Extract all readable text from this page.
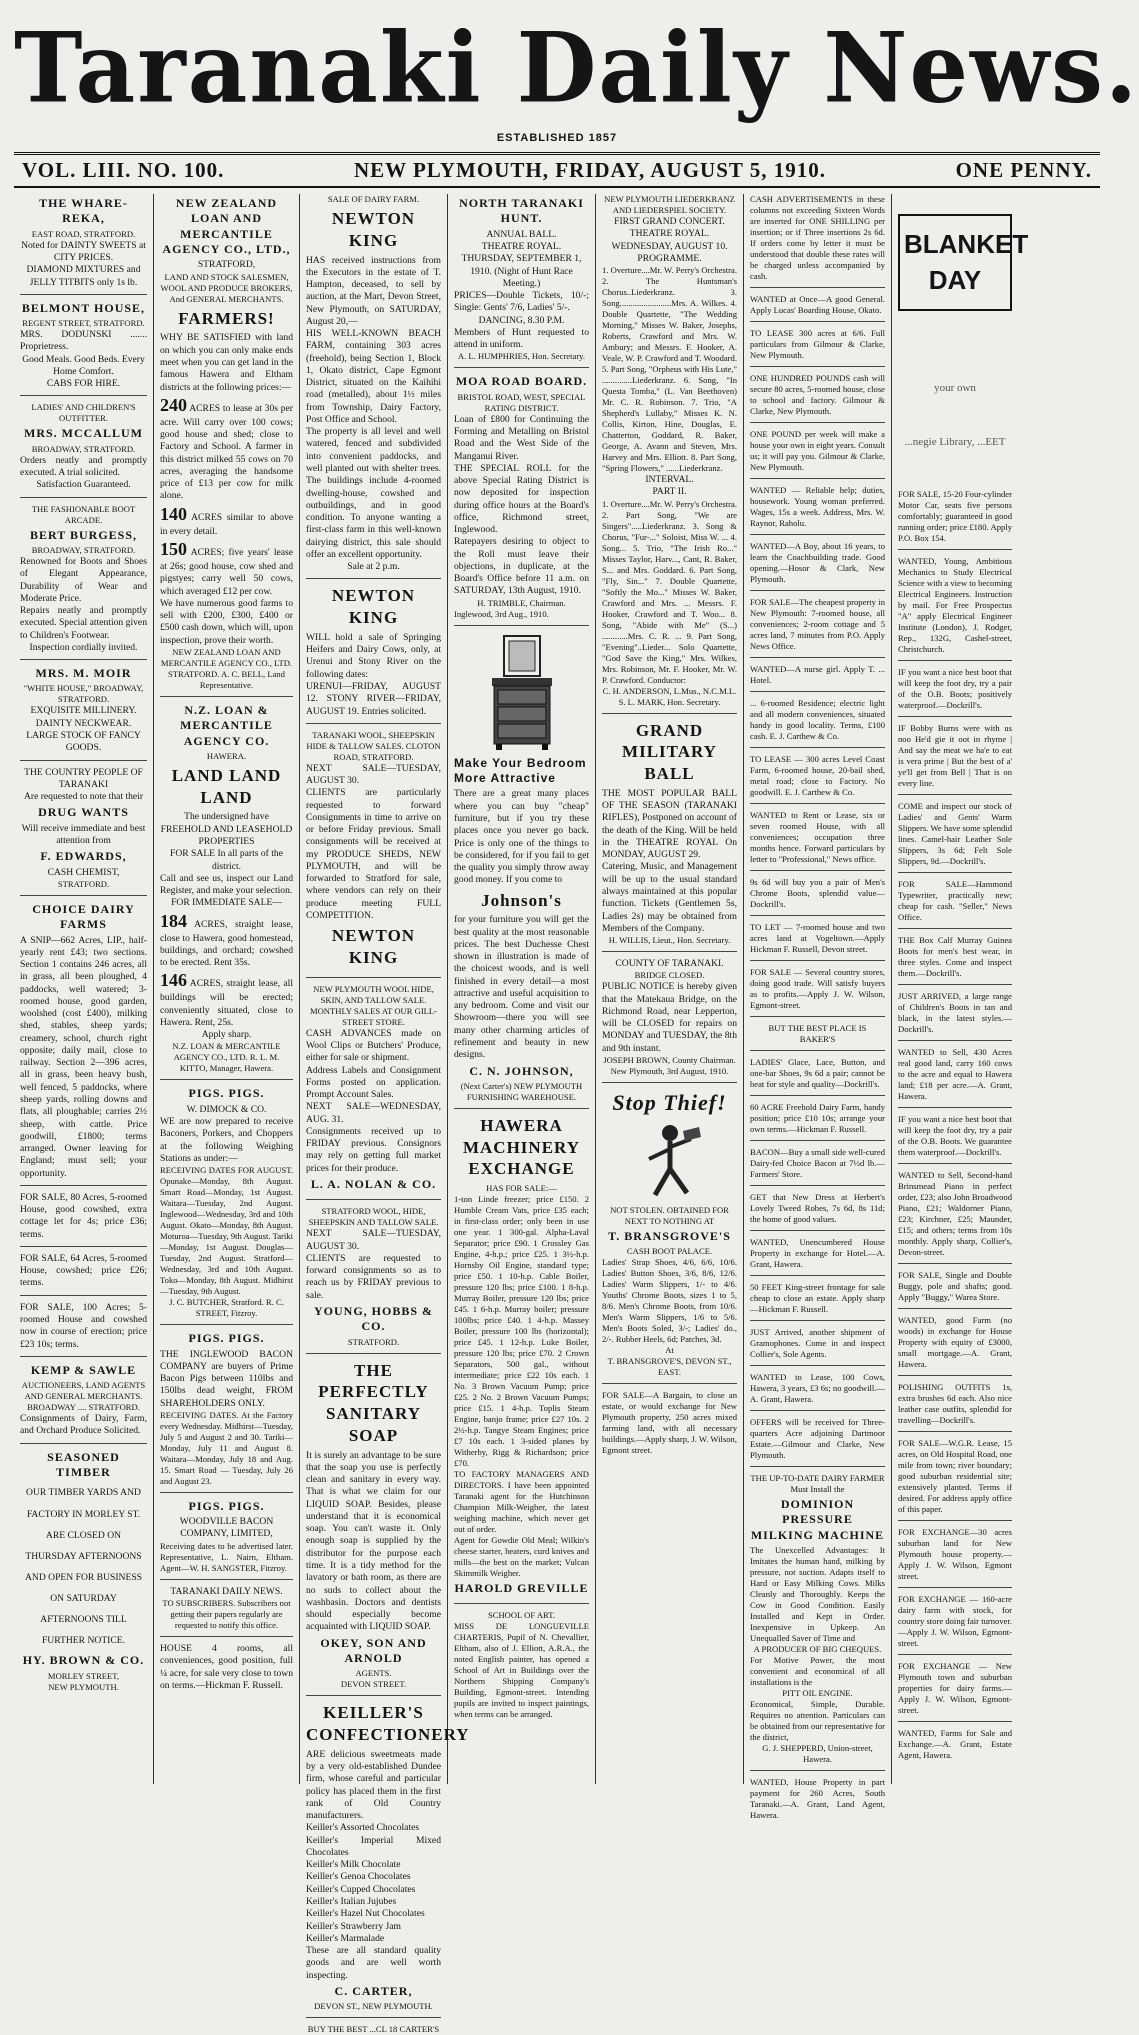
Taranaki Daily News.
ESTABLISHED 1857
VOL. LIII. NO. 100.	NEW PLYMOUTH, FRIDAY, AUGUST 5, 1910.	ONE PENNY.
THE WHARE-REKA,
EAST ROAD, STRATFORD.
Noted for DAINTY SWEETS at CITY PRICES.
DIAMOND MIXTURES and JELLY TITBITS only 1s lb.
BELMONT HOUSE,
REGENT STREET, STRATFORD.
MRS. DODUNSKI ....... Proprietress.
Good Meals. Good Beds. Every Home Comfort.
CABS FOR HIRE.
LADIES' AND CHILDREN'S OUTFITTER.
MRS. MCCALLUM
BROADWAY, STRATFORD.
Orders neatly and promptly executed. A trial solicited.
Satisfaction Guaranteed.
THE FASHIONABLE BOOT ARCADE.
BERT BURGESS,
BROADWAY, STRATFORD.
Renowned for Boots and Shoes of Elegant Appearance, Durability of Wear and Moderate Price.
Repairs neatly and promptly executed. Special attention given to Children's Footwear.
Inspection cordially invited.
MRS. M. MOIR
"WHITE HOUSE," BROADWAY, STRATFORD.
EXQUISITE MILLINERY. DAINTY NECKWEAR.
LARGE STOCK OF FANCY GOODS.
THE COUNTRY PEOPLE OF TARANAKI
Are requested to note that their
DRUG WANTS
Will receive immediate and best attention from
F. EDWARDS,
CASH CHEMIST,
STRATFORD.
CHOICE DAIRY FARMS
A SNIP—662 Acres, LIP., half-yearly rent £43; two sections. Section 1 contains 246 acres, all in grass, all been ploughed, 4 paddocks, well watered; 3-roomed house, good garden, woolshed (cost £400), milking shed, stables, sheep yards; creamery, school, church right opposite; daily mail, close to railway. Section 2—396 acres, all in grass, been heavy bush, well fenced, 5 paddocks, where sheep yards, rolling downs and flats, all ploughable; carries 2½ sheep, with cattle. Price goodwill, £1800; terms arranged. Owner leaving for England; must sell; your opportunity.
FOR SALE, 80 Acres, 5-roomed House, good cowshed, extra cottage let for 4s; price £36; terms.
FOR SALE, 64 Acres, 5-roomed House, cowshed; price £26; terms.
FOR SALE, 100 Acres; 5-roomed House and cowshed now in course of erection; price £23 10s; terms.
KEMP & SAWLE
AUCTIONEERS, LAND AGENTS AND GENERAL MERCHANTS.
BROADWAY .... STRATFORD.
Consignments of Dairy, Farm, and Orchard Produce Solicited.
SEASONED TIMBER
OUR TIMBER YARDS AND FACTORY IN MORLEY ST. ARE CLOSED ON THURSDAY AFTERNOONS AND OPEN FOR BUSINESS ON SATURDAY AFTERNOONS TILL FURTHER NOTICE.
HY. BROWN & CO.
MORLEY STREET,
NEW PLYMOUTH.
NEW ZEALAND LOAN AND MERCANTILE AGENCY CO., LTD.,
STRATFORD,
LAND AND STOCK SALESMEN, WOOL AND PRODUCE BROKERS, And GENERAL MERCHANTS.
FARMERS!
WHY BE SATISFIED with land on which you can only make ends meet when you can get land in the famous Hawera and Eltham districts at the following prices:—
240 ACRES to lease at 30s per acre. Will carry over 100 cows; good house and shed; close to Factory and School. A farmer in this district milked 55 cows on 70 acres, averaging the handsome price of £13 per cow for milk alone.
140 ACRES similar to above in every detail.
150 ACRES; five years' lease at 26s; good house, cow shed and pigstyes; carry well 50 cows, which averaged £12 per cow.
We have numerous good farms to sell with £200, £300, £400 or £500 cash down, which will, upon inspection, prove their worth.
NEW ZEALAND LOAN AND MERCANTILE AGENCY CO., LTD. STRATFORD. A. C. BELL, Land Representative.
N.Z. LOAN & MERCANTILE AGENCY CO.
HAWERA.
LAND LAND LAND
The undersigned have FREEHOLD AND LEASEHOLD PROPERTIES
FOR SALE In all parts of the district.
Call and see us, inspect our Land Register, and make your selection.
FOR IMMEDIATE SALE—
184 ACRES, straight lease, close to Hawera, good homestead, buildings, and orchard; cowshed to be erected. Rent 35s.
146 ACRES, straight lease, all buildings will be erected; conveniently situated, close to Hawera. Rent, 25s.
Apply sharp.
N.Z. LOAN & MERCANTILE AGENCY CO., LTD. R. L. M. KITTO, Manager, Hawera.
PIGS. PIGS.
W. DIMOCK & CO.
WE are now prepared to receive Baconers, Porkers, and Choppers at the following Weighing Stations as under:—
RECEIVING DATES FOR AUGUST. Opunake—Monday, 8th August. Smart Road—Monday, 1st August. Waitara—Tuesday, 2nd August. Inglewood—Wednesday, 3rd and 10th August. Okato—Monday, 8th August. Moturoa—Tuesday, 9th August. Tariki—Monday, 1st August. Douglas—Tuesday, 2nd August. Stratford—Wednesday, 3rd and 10th August. Toko—Monday, 8th August. Midhirst—Tuesday, 9th August.
J. C. BUTCHER, Stratford. R. C. STREET, Fitzroy.
PIGS. PIGS.
THE INGLEWOOD BACON COMPANY are buyers of Prime Bacon Pigs between 110lbs and 150lbs dead weight, FROM SHAREHOLDERS ONLY.
RECEIVING DATES. At the Factory every Wednesday. Midhirst—Tuesday, July 5 and August 2 and 30. Tariki—Monday, July 11 and August 8. Waitara—Monday, July 18 and Aug. 15. Smart Road — Tuesday, July 26 and August 23.
PIGS. PIGS.
WOODVILLE BACON COMPANY, LIMITED,
Receiving dates to be advertised later. Representative, L. Nairn, Eltham. Agent—W. H. SANGSTER, Fitzroy.
TARANAKI DAILY NEWS.
TO SUBSCRIBERS. Subscribers not getting their papers regularly are requested to notify this office.
HOUSE 4 rooms, all conveniences, good position, full ¼ acre, for sale very close to town on terms.—Hickman F. Russell.
SALE OF DAIRY FARM.
NEWTON KING
HAS received instructions from the Executors in the estate of T. Hampton, deceased, to sell by auction, at the Mart, Devon Street, New Plymouth, on SATURDAY, August 20,—
HIS WELL-KNOWN BEACH FARM, containing 303 acres (freehold), being Section 1, Block 1, Okato district, Cape Egmont District, situated on the Kaihihi road (metalled), about 1½ miles from Township, Dairy Factory, Post Office and School.
The property is all level and well watered, fenced and subdivided into convenient paddocks, and well planted out with shelter trees. The buildings include 4-roomed dwelling-house, cowshed and outbuildings, and in good condition. To anyone wanting a first-class farm in this well-known dairying district, this sale should offer an excellent opportunity.
Sale at 2 p.m.
NEWTON KING
WILL hold a sale of Springing Heifers and Dairy Cows, only, at Urenui and Stony River on the following dates:
URENUI—FRIDAY, AUGUST 12. STONY RIVER—FRIDAY, AUGUST 19. Entries solicited.
TARANAKI WOOL, SHEEPSKIN HIDE & TALLOW SALES. CLOTON ROAD, STRATFORD.
NEXT SALE—TUESDAY, AUGUST 30.
CLIENTS are particularly requested to forward Consignments in time to arrive on or before Friday previous. Small consignments will be received at my PRODUCE SHEDS, NEW PLYMOUTH, and will be forwarded to Stratford for sale, where vendors can rely on their produce meeting FULL COMPETITION.
NEWTON KING
NEW PLYMOUTH WOOL HIDE, SKIN, AND TALLOW SALE.
MONTHLY SALES AT OUR GILL-STREET STORE.
CASH ADVANCES made on Wool Clips or Butchers' Produce, either for sale or shipment.
Address Labels and Consignment Forms posted on application. Prompt Account Sales.
NEXT SALE—WEDNESDAY, AUG. 31.
Consignments received up to FRIDAY previous. Consignors may rely on getting full market prices for their produce.
L. A. NOLAN & CO.
STRATFORD WOOL, HIDE, SHEEPSKIN AND TALLOW SALE.
NEXT SALE—TUESDAY, AUGUST 30.
CLIENTS are requested to forward consignments so as to reach us by FRIDAY previous to sale.
YOUNG, HOBBS & CO.
STRATFORD.
THE PERFECTLY SANITARY SOAP
It is surely an advantage to be sure that the soap you use is perfectly clean and sanitary in every way. That is what we claim for our LIQUID SOAP. Besides, please understand that it is economical soap. You can't waste it. Only enough soap is supplied by the distributor for the purpose each time. It is a tidy method for the lavatory or bath room, as there are no suds to collect about the washbasin. Doctors and dentists should especially become acquainted with LIQUID SOAP.
OKEY, SON AND ARNOLD
AGENTS.
DEVON STREET.
KEILLER'S CONFECTIONERY
ARE delicious sweetmeats made by a very old-established Dundee firm, whose careful and particular policy has placed them in the first rank of Old Country manufacturers.
Keiller's Assorted Chocolates
Keiller's Imperial Mixed Chocolates
Keiller's Milk Chocolate
Keiller's Genoa Chocolates
Keiller's Cupped Chocolates
Keiller's Italian Jujubes
Keiller's Hazel Nut Chocolates
Keiller's Strawberry Jam
Keiller's Marmalade
These are all standard quality goods and are well worth inspecting.
C. CARTER,
DEVON ST., NEW PLYMOUTH.
BUY THE BEST ...CL 18 CARTER'S
NORTH TARANAKI HUNT.
ANNUAL BALL.
THEATRE ROYAL.
THURSDAY, SEPTEMBER 1, 1910. (Night of Hunt Race Meeting.)
PRICES—Double Tickets, 10/-; Single: Gents' 7/6, Ladies' 5/-.
DANCING, 8.30 P.M.
Members of Hunt requested to attend in uniform.
A. L. HUMPHRIES, Hon. Secretary.
MOA ROAD BOARD.
BRISTOL ROAD, WEST, SPECIAL RATING DISTRICT.
Loan of £800 for Continuing the Forming and Metalling on Bristol Road and the West Side of the Manganui River.
THE SPECIAL ROLL for the above Special Rating District is now deposited for inspection during office hours at the Board's office, Richmond street, Inglewood.
Ratepayers desiring to object to the Roll must leave their objections, in duplicate, at the Board's Office before 11 a.m. on SATURDAY, 13th August, 1910.
H. TRIMBLE, Chairman.
Inglewood, 3rd Aug., 1910.
Make Your Bedroom More Attractive
There are a great many places where you can buy "cheap" furniture, but if you try these places once you never go back. Price is only one of the things to be considered, for if you fail to get the quality you simply throw away good money. If you come to
Johnson's
for your furniture you will get the best quality at the most reasonable prices. The best Duchesse Chest shown in illustration is made of the choicest woods, and is well finished in every detail—a most attractive and useful acquisition to any bedroom. Come and visit our Showroom—there you will see many other charming articles of refinement and beauty in new designs.
C. N. JOHNSON,
(Next Carter's) NEW PLYMOUTH FURNISHING WAREHOUSE.
HAWERA MACHINERY EXCHANGE
HAS FOR SALE:—
1-ton Linde freezer; price £150. 2 Humble Cream Vats, price £35 each; in first-class order; only been in use one year. 1 300-gal. Alpha-Laval Separator; price £90. 1 Crossley Gas Engine, 4-h.p.; price £25. 1 3½-h.p. Hornsby Oil Engine, standard type; price £50. 1 10-h.p. Cable Boiler, pressure 120 lbs; price £100. 1 8-h.p. Murray Boiler, pressure 120 lbs; price £45. 1 6-h.p. Murray boiler; pressure 100lbs; price £40. 1 4-h.p. Massey Boiler, pressure 100 lbs (horizontal); price £45. 1 12-h.p. Luke Boiler, pressure 120 lbs; price £70. 2 Crown Separators, 500 gal., without intermediate; price £22 10s each. 1 No. 3 Brown Vacuum Pump; price £25. 2 No. 2 Brown Vacuum Pumps; price £15. 1 4-h.p. Toplis Steam Engine, banjo frame; price £27 10s. 2 2½-h.p. Tangye Steam Engines; price £7 10s each. 1 3-sided planes by Witherby, Rigg & Richardson; price £70.
TO FACTORY MANAGERS AND DIRECTORS. I have been appointed Taranaki agent for the Hutchinson Champion Milk-Weigher, the latest weighing machine, which never get out of order.
Agent for Gowdie Old Meal; Wilkin's cheese starter, heaters, curd knives and mills—the best on the market; Vulcan Skimmilk Weigher.
HAROLD GREVILLE
SCHOOL OF ART.
MISS DE LONGUEVILLE CHARTERIS, Pupil of N. Chevallier, Eltham, also of J. Elliott, A.R.A., the noted English painter, has opened a School of Art in Buildings over the Northern Shipping Company's Building, Egmont-street. Intending pupils are invited to inspect paintings, when terms can be arranged.
NEW PLYMOUTH LIEDERKRANZ AND LIEDERSPIEL SOCIETY.
FIRST GRAND CONCERT.
THEATRE ROYAL.
WEDNESDAY, AUGUST 10.
PROGRAMME.
1. Overture....Mr. W. Perry's Orchestra. 2. The Huntsman's Chorus..Liederkranz. 3. Song........................Mrs. A. Wilkes. 4. Double Quartette, "The Wedding Morning," Misses W. Baker, Josephs, Roberts, Crawford and Mrs. W. Ambury; and Messrs. F. Hooker, A. Veale, W. P. Crawford and T. Woodard. 5. Part Song, "Orpheus with His Lute," ..............Liederkranz. 6. Song, "In Questa Tomba," (L. Van Beethoven) Mr. C. R. Robinson. 7. Trio, "A Shepherd's Lullaby," Misses K. N. Collis, Kirton, Hine, Douglas, E. Chatterton, Goddard, R. Baker, George, A. Avann and Steven, Mrs. Harvey and Mrs. Elliott. 8. Part Song, "Spring Flowers," ......Liederkranz.
INTERVAL.
PART II.
1. Overture....Mr. W. Perry's Orchestra. 2. Part Song, "We are Singers".....Liederkranz. 3. Song & Chorus, "Fur-..." Soloist, Miss W. ... 4. Song... 5. Trio, "The Irish Ro..." Misses Taylor, Harv..., Cant, R. Baker, S... and Mrs. Goddard. 6. Part Song, "Fly, Sin..." 7. Double Quartette, "Softly the Mo..." Misses W. Baker, Crawford and Mrs. ... Messrs. F. Hooker, Crawford and T. Woo... 8. Song, "Abide with Me" (S...) ............Mrs. C. R. ... 9. Part Song, "Evening"..Lieder... Solo Quartette, "God Save the King," Mrs. Wilkes, Mrs. Robinson, Mr. F. Hooker, Mr. W. P. Crawford. Conductor:
C. H. ANDERSON, L.Mus., N.C.M.L. S. L. MARK, Hon. Secretary.
GRAND MILITARY BALL
THE MOST POPULAR BALL OF THE SEASON (TARANAKI RIFLES), Postponed on account of the death of the King. Will be held in the THEATRE ROYAL On MONDAY, AUGUST 29.
Catering, Music, and Management will be up to the usual standard always maintained at this popular function. Tickets (Gentlemen 5s, Ladies 2s) may be obtained from Members of the Company.
H. WILLIS, Lieut., Hon. Secretary.
COUNTY OF TARANAKI.
BRIDGE CLOSED.
PUBLIC NOTICE is hereby given that the Matekaua Bridge, on the Richmond Road, near Lepperton, will be CLOSED for repairs on MONDAY and TUESDAY, the 8th and 9th instant.
JOSEPH BROWN, County Chairman. New Plymouth, 3rd August, 1910.
Stop Thief!
NOT STOLEN. OBTAINED FOR NEXT TO NOTHING AT
T. BRANSGROVE'S
CASH BOOT PALACE.
Ladies' Strap Shoes, 4/6, 6/6, 10/6. Ladies' Button Shoes, 3/6, 8/6, 12/6. Ladies' Warm Slippers, 1/- to 4/6. Youths' Chrome Boots, sizes 1 to 5, 8/6. Men's Chrome Boots, from 10/6. Men's Warm Slippers, 1/6 to 5/6. Men's Boots Soled, 3/-; Ladies' do., 2/-. Rubber Heels, 6d; Patches, 3d.
At
T. BRANSGROVE'S, DEVON ST., EAST.
FOR SALE—A Bargain, to close an estate, or would exchange for New Plymouth property, 250 acres mixed farming land, with all necessary buildings.—Apply sharp, J. W. Wilson, Egmont street.
CASH ADVERTISEMENTS in these columns not exceeding Sixteen Words are inserted for ONE SHILLING per insertion; or if Three insertions 2s 6d. If orders come by letter it must be understood that double these rates will be charged unless accompanied by cash.
WANTED at Once—A good General. Apply Lucas' Boarding House, Okato.
TO LEASE 300 acres at 6/6. Full particulars from Gilmour & Clarke, New Plymouth.
ONE HUNDRED POUNDS cash will secure 80 acres, 5-roomed house, close to school and factory. Gilmour & Clarke, New Plymouth.
ONE POUND per week will make a house your own in eight years. Consult us; it will pay you. Gilmour & Clarke, New Plymouth.
WANTED — Reliable help; duties, housework. Young woman preferred. Wages, 15s a week. Address, Mrs. W. Raynor, Raholu.
WANTED—A Boy, about 16 years, to learn the Coachbuilding trade. Good opening.—Hosor & Clark, New Plymouth.
FOR SALE—The cheapest property in New Plymouth: 7-roomed house, all conveniences; 2-room cottage and 5 acres land, 7 minutes from P.O. Apply News Office.
WANTED—A nurse girl. Apply T. ... Hotel.
... 6-roomed Residence; electric light and all modern conveniences, situated handy in good locality. Terms, £100 cash. E. J. Carthew & Co.
TO LEASE — 300 acres Level Coast Farm, 6-roomed house, 20-bail shed, metal road; close to Factory. No goodwill. E. J. Carthew & Co.
WANTED to Rent or Lease, six or seven roomed House, with all conveniences; occupation three months hence. Forward particulars by letter to "Professional," News office.
9s 6d will buy you a pair of Men's Chrome Boots, splendid value—Dockrill's.
TO LET — 7-roomed house and two acres land at Vogeltown.—Apply Hickman F. Russell, Devon street.
FOR SALE — Several country stores, doing good trade. Will satisfy buyers as to profits.—Apply J. W. Wilson, Egmont-street.
BUT THE BEST PLACE IS BAKER'S
LADIES' Glace, Lace, Button, and one-bar Shoes, 9s 6d a pair; cannot be beat for style and quality—Dockrill's.
60 ACRE Freehold Dairy Farm, handy position; price £10 10s; arrange your own terms.—Hickman F. Russell.
BACON—Buy a small side well-cured Dairy-fed Choice Bacon at 7½d lb.—Farmers' Store.
GET that New Dress at Herbert's Lovely Tweed Robes, 7s 6d, 8s 11d; the home of good values.
WANTED, Unencumbered House Property in exchange for Hotel.—A. Grant, Hawera.
50 FEET King-street frontage for sale cheap to close an estate. Apply sharp—Hickman F. Russell.
JUST Arrived, another shipment of Gramophones. Come in and inspect Collier's, Sole Agents.
WANTED to Lease, 100 Cows, Hawera, 3 years, £3 6s; no goodwill.—A. Grant, Hawera.
OFFERS will be received for Three-quarters Acre adjoining Dartmoor Estate.—Gilmour and Clarke, New Plymouth.
THE UP-TO-DATE DAIRY FARMER Must Install the
DOMINION PRESSURE MILKING MACHINE
The Unexcelled Advantages: It Imitates the human hand, milking by pressure, not suction. Adapts itself to Hard or Easy Milking Cows. Milks Cleanly and Thoroughly. Keeps the Cow in Good Condition. Easily Installed and Kept in Order. Inexpensive in Upkeep. An Unequalled Saver of Time and
A PRODUCER OF BIG CHEQUES.
For Motive Power, the most convenient and economical of all installations is the
PITT OIL ENGINE.
Economical, Simple, Durable. Requires no attention. Particulars can be obtained from our representative for the district,
G. J. SHEPPERD, Union-street, Hawera.
WANTED, House Property in part payment for 260 Acres, South Taranaki.—A. Grant, Land Agent, Hawera.
BLANKET DAY
your own
...negie Library, ...EET
FOR SALE, 15-20 Four-cylinder Motor Car, seats five persons comfortably; guaranteed in good running order; price £180. Apply P.O. Box 154.
WANTED, Young, Ambitious Mechanics to Study Electrical Science with a view to becoming Electrical Engineers. Instruction by mail. For Free Prospectus "A" apply Electrical Engineer Institute (London), J. Rodger, Rep., 132G, Cashel-street, Christchurch.
IF you want a nice best boot that will keep the foot dry, try a pair of the O.B. Boots; positively waterproof.—Dockrill's.
IF Bobby Burns were with us noo He'd gie it oot in rhyme | And say the meat we ha'e to eat is vera prime | But the best of a' ye'll get from Bell | That is on every line.
COME and inspect our stock of Ladies' and Gents' Warm Slippers. We have some splendid lines. Camel-hair Leather Sole Slippers, 3s 6d; Felt Sole Slippers, 9d.—Dockrill's.
FOR SALE—Hammond Typewriter, practically new; cheap for cash. "Seller," News Office.
THE Box Calf Murray Guinea Boots for men's best wear, in three styles. Come and inspect them.—Dockrill's.
JUST ARRIVED, a large range of Children's Boots in tan and black, in the latest styles.—Dockrill's.
WANTED to Sell, 430 Acres real good land, carry 160 cows to the acre and equal to Hawera land; £18 per acre.—A. Grant, Hawera.
IF you want a nice best boot that will keep the foot dry, try a pair of the O.B. Boots. We guarantee them waterproof.—Dockrill's.
WANTED to Sell, Second-hand Brinsmead Piano in perfect order, £23; also John Broadwood Piano, £21; Waldorner Piano, £23; Kirchner, £25; Maunder, £15; and others; terms from 10s monthly. Apply sharp, Collier's, Devon-street.
FOR SALE, Single and Double Buggy, pole and shafts; good. Apply "Buggy," Warea Store.
WANTED, good Farm (no woods) in exchange for House Property with equity of £3000, small mortgage.—A. Grant, Hawera.
POLISHING OUTFITS 1s, extra brushes 6d each. Also nice leather case outfits, splendid for travelling—Dockrill's.
FOR SALE—W.G.R. Lease, 15 acres, on Old Hospital Road, one mile from town; river boundary; good suburban residential site; extensively planted. Terms if desired. For address apply office of this paper.
FOR EXCHANGE—30 acres suburban land for New Plymouth house property.—Apply J. W. Wilson, Egmont street.
FOR EXCHANGE — 160-acre dairy farm with stock, for country store doing fair turnover.—Apply J. W. Wilson, Egmont-street.
FOR EXCHANGE — New Plymouth town and suburban properties for dairy farms.—Apply J. W. Wilson, Egmont-street.
WANTED, Farms for Sale and Exchange.—A. Grant, Estate Agent, Hawera.
